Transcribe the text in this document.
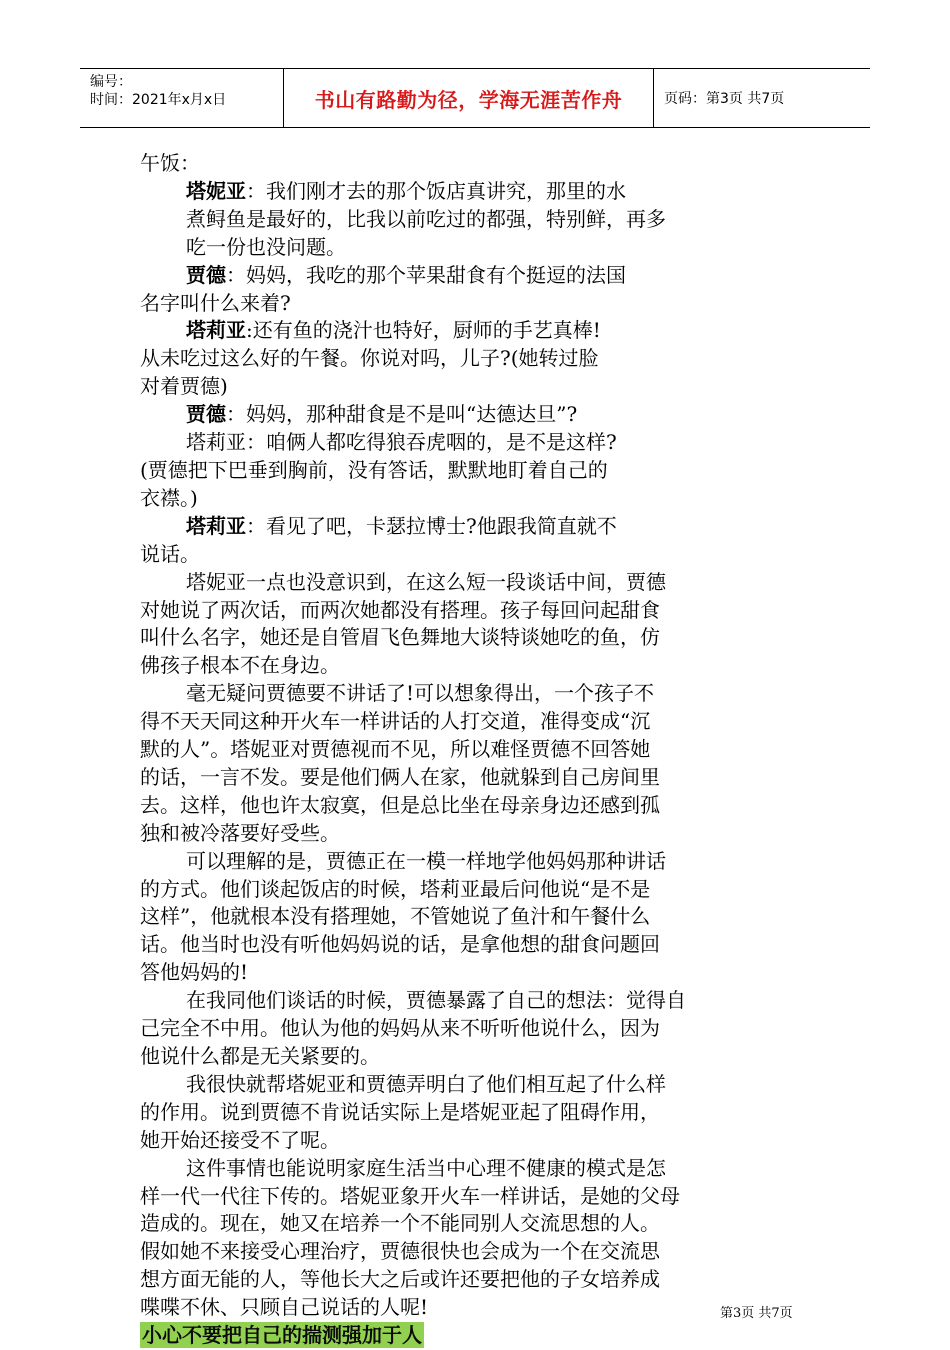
编号：
时间：2021年x月x日	书山有路勤为径，学海无涯苦作舟	页码：第3页 共7页

午饭：

塔妮亚：我们刚才去的那个饭店真讲究，那里的水

煮鲟鱼是最好的，比我以前吃过的都强，特别鲜，再多

吃一份也没问题。

贾德：妈妈，我吃的那个苹果甜食有个挺逗的法国

名字叫什么来着?

塔莉亚:还有鱼的浇汁也特好，厨师的手艺真棒!

从未吃过这么好的午餐。你说对吗，儿子?(她转过脸

对着贾德)

贾德：妈妈，那种甜食是不是叫“达德达旦”?

塔莉亚：咱俩人都吃得狼吞虎咽的，是不是这样?

(贾德把下巴垂到胸前，没有答话，默默地盯着自己的

衣襟。)

塔莉亚：看见了吧，卡瑟拉博士?他跟我简直就不

说话。

塔妮亚一点也没意识到，在这么短一段谈话中间，贾德

对她说了两次话，而两次她都没有搭理。孩子每回问起甜食

叫什么名字，她还是自管眉飞色舞地大谈特谈她吃的鱼，仿

佛孩子根本不在身边。

毫无疑问贾德要不讲话了!可以想象得出，一个孩子不

得不天天同这种开火车一样讲话的人打交道，准得变成“沉

默的人”。塔妮亚对贾德视而不见，所以难怪贾德不回答她

的话，一言不发。要是他们俩人在家，他就躲到自己房间里

去。这样，他也许太寂寞，但是总比坐在母亲身边还感到孤

独和被冷落要好受些。

可以理解的是，贾德正在一模一样地学他妈妈那种讲话

的方式。他们谈起饭店的时候，塔莉亚最后问他说“是不是

这样”，他就根本没有搭理她，不管她说了鱼汁和午餐什么

话。他当时也没有听他妈妈说的话，是拿他想的甜食问题回

答他妈妈的!

在我同他们谈话的时候，贾德暴露了自己的想法：觉得自

己完全不中用。他认为他的妈妈从来不听听他说什么，因为

他说什么都是无关紧要的。

我很快就帮塔妮亚和贾德弄明白了他们相互起了什么样

的作用。说到贾德不肯说话实际上是塔妮亚起了阻碍作用，

她开始还接受不了呢。

这件事情也能说明家庭生活当中心理不健康的模式是怎

样一代一代往下传的。塔妮亚象开火车一样讲话，是她的父母

造成的。现在，她又在培养一个不能同别人交流思想的人。

假如她不来接受心理治疗，贾德很快也会成为一个在交流思

想方面无能的人，等他长大之后或许还要把他的子女培养成

喋喋不休、只顾自己说话的人呢!

小心不要把自己的揣测强加于人

第3页 共7页
